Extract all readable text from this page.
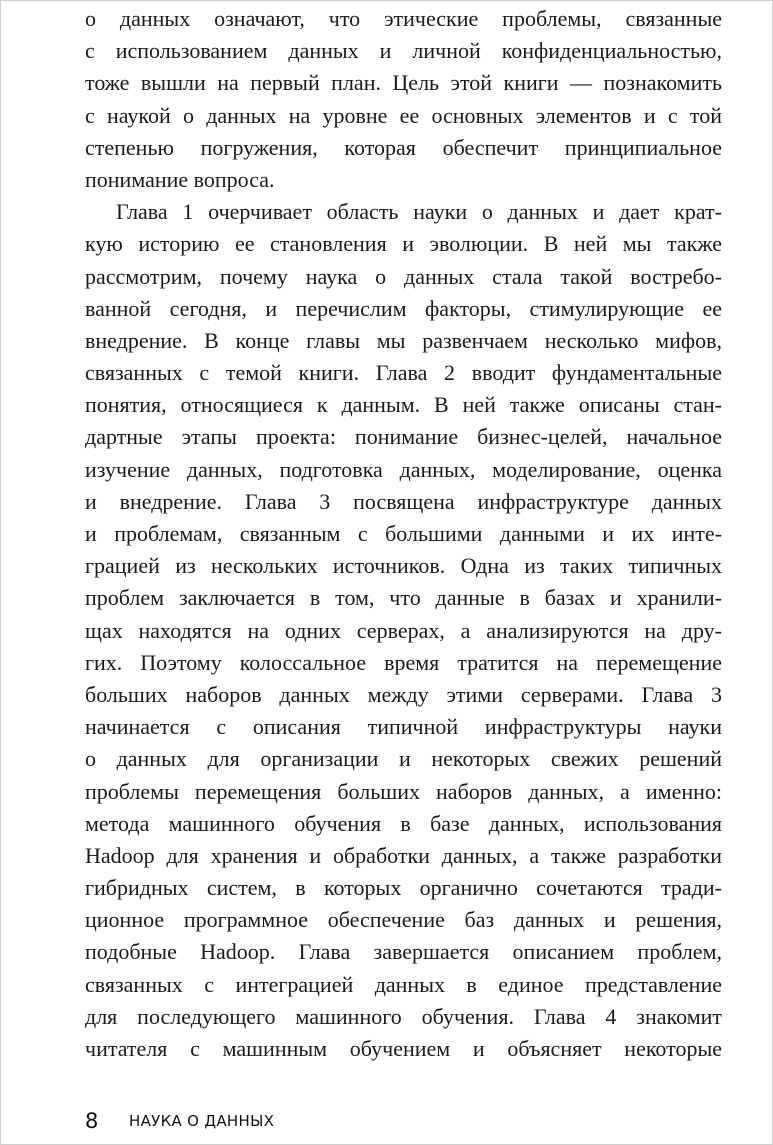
о данных означают, что этические проблемы, связанные
с использованием данных и личной конфиденциальностью,
тоже вышли на первый план. Цель этой книги — познакомить
с наукой о данных на уровне ее основных элементов и с той
степенью погружения, которая обеспечит принципиальное
понимание вопроса.
Глава 1 очерчивает область науки о данных и дает крат-
кую историю ее становления и эволюции. В ней мы также
рассмотрим, почему наука о данных стала такой востребо-
ванной сегодня, и перечислим факторы, стимулирующие ее
внедрение. В конце главы мы развенчаем несколько мифов,
связанных с темой книги. Глава 2 вводит фундаментальные
понятия, относящиеся к данным. В ней также описаны стан-
дартные этапы проекта: понимание бизнес-целей, начальное
изучение данных, подготовка данных, моделирование, оценка
и внедрение. Глава 3 посвящена инфраструктуре данных
и проблемам, связанным с большими данными и их инте-
грацией из нескольких источников. Одна из таких типичных
проблем заключается в том, что данные в базах и хранили-
щах находятся на одних серверах, а анализируются на дру-
гих. Поэтому колоссальное время тратится на перемещение
больших наборов данных между этими серверами. Глава 3
начинается с описания типичной инфраструктуры науки
о данных для организации и некоторых свежих решений
проблемы перемещения больших наборов данных, а именно:
метода машинного обучения в базе данных, использования
Hadoop для хранения и обработки данных, а также разработки
гибридных систем, в которых органично сочетаются тради-
ционное программное обеспечение баз данных и решения,
подобные Hadoop. Глава завершается описанием проблем,
связанных с интеграцией данных в единое представление
для последующего машинного обучения. Глава 4 знакомит
читателя с машинным обучением и объясняет некоторые
8	НАУКА О ДАННЫХ
